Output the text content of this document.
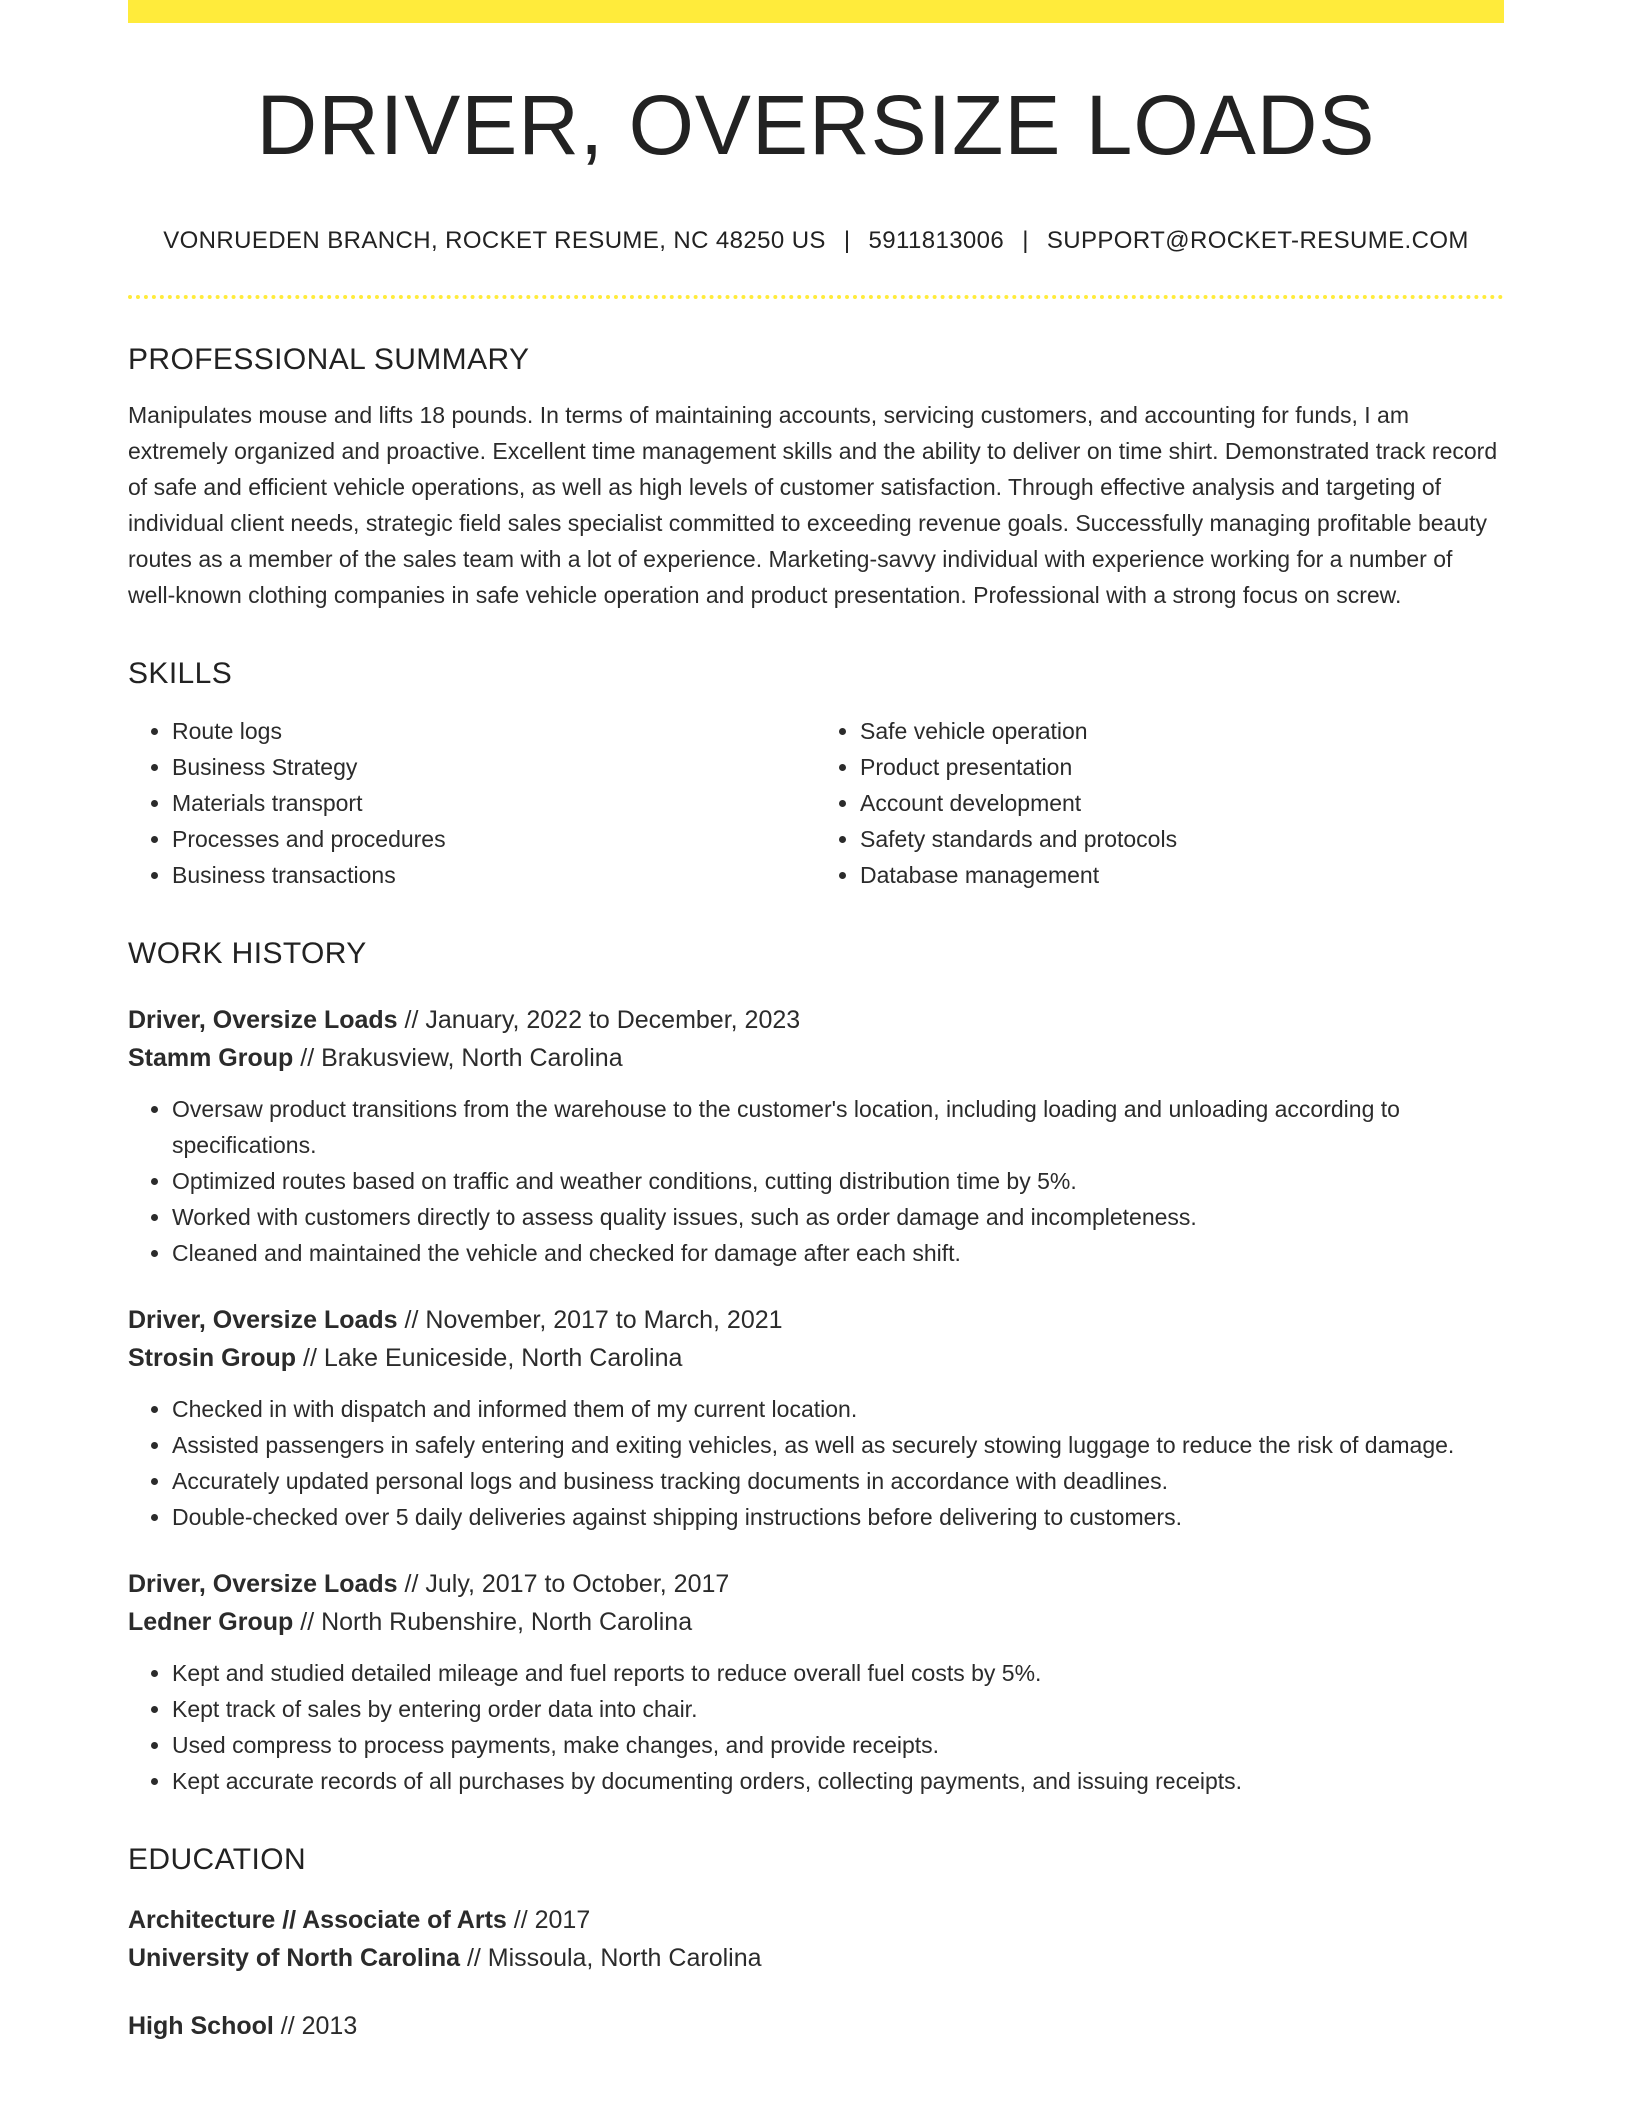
DRIVER, OVERSIZE LOADS
VONRUEDEN BRANCH, ROCKET RESUME, NC 48250 US | 5911813006 | SUPPORT@ROCKET-RESUME.COM
PROFESSIONAL SUMMARY
Manipulates mouse and lifts 18 pounds. In terms of maintaining accounts, servicing customers, and accounting for funds, I am extremely organized and proactive. Excellent time management skills and the ability to deliver on time shirt. Demonstrated track record of safe and efficient vehicle operations, as well as high levels of customer satisfaction. Through effective analysis and targeting of individual client needs, strategic field sales specialist committed to exceeding revenue goals. Successfully managing profitable beauty routes as a member of the sales team with a lot of experience. Marketing-savvy individual with experience working for a number of well-known clothing companies in safe vehicle operation and product presentation. Professional with a strong focus on screw.
SKILLS
• Route logs
• Business Strategy
• Materials transport
• Processes and procedures
• Business transactions
• Safe vehicle operation
• Product presentation
• Account development
• Safety standards and protocols
• Database management
WORK HISTORY
Driver, Oversize Loads // January, 2022 to December, 2023
Stamm Group // Brakusview, North Carolina
• Oversaw product transitions from the warehouse to the customer's location, including loading and unloading according to specifications.
• Optimized routes based on traffic and weather conditions, cutting distribution time by 5%.
• Worked with customers directly to assess quality issues, such as order damage and incompleteness.
• Cleaned and maintained the vehicle and checked for damage after each shift.
Driver, Oversize Loads // November, 2017 to March, 2021
Strosin Group // Lake Euniceside, North Carolina
• Checked in with dispatch and informed them of my current location.
• Assisted passengers in safely entering and exiting vehicles, as well as securely stowing luggage to reduce the risk of damage.
• Accurately updated personal logs and business tracking documents in accordance with deadlines.
• Double-checked over 5 daily deliveries against shipping instructions before delivering to customers.
Driver, Oversize Loads // July, 2017 to October, 2017
Ledner Group // North Rubenshire, North Carolina
• Kept and studied detailed mileage and fuel reports to reduce overall fuel costs by 5%.
• Kept track of sales by entering order data into chair.
• Used compress to process payments, make changes, and provide receipts.
• Kept accurate records of all purchases by documenting orders, collecting payments, and issuing receipts.
EDUCATION
Architecture // Associate of Arts // 2017
University of North Carolina // Missoula, North Carolina
High School // 2013
